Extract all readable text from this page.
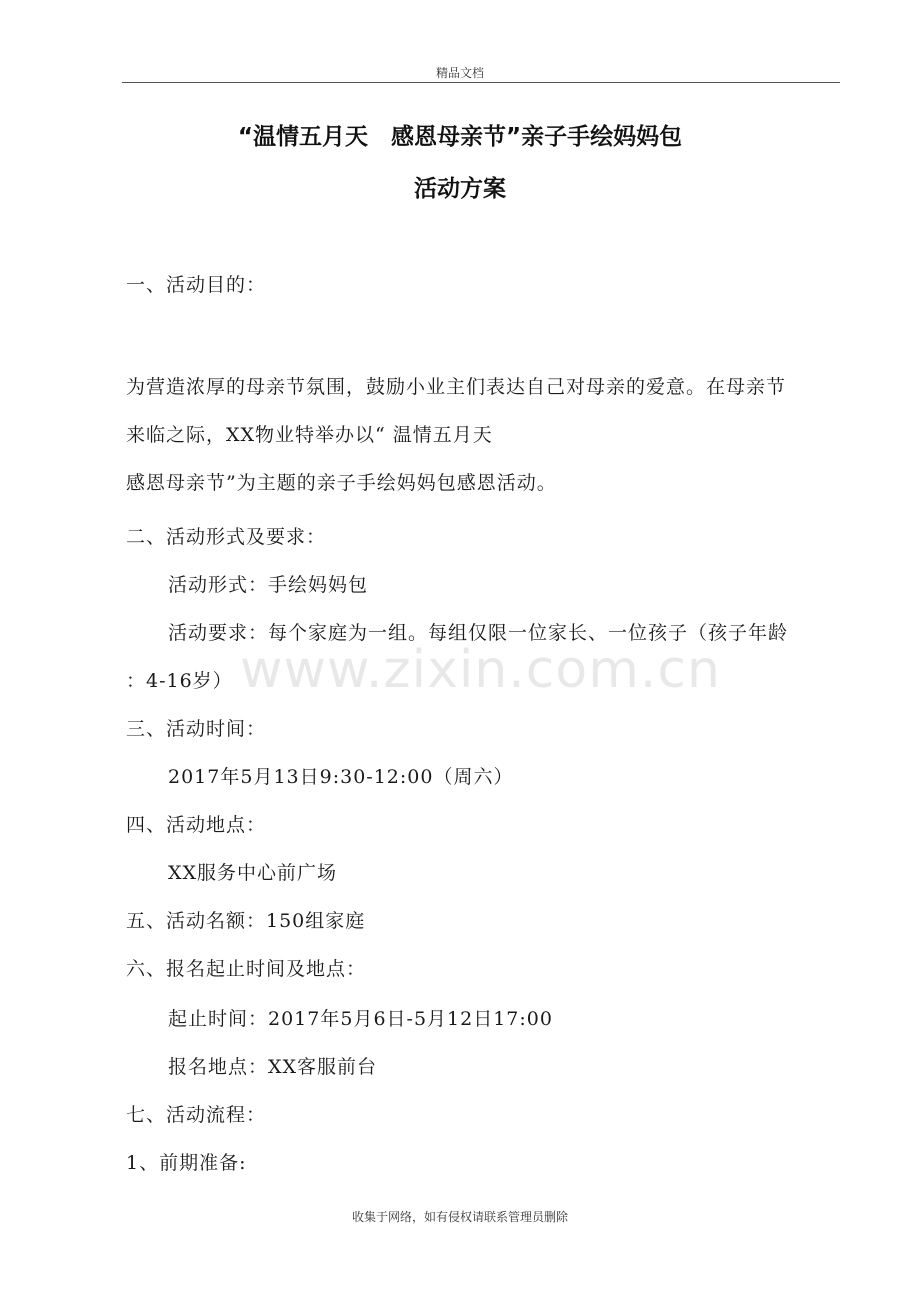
精品文档
“温情五月天　感恩母亲节”亲子手绘妈妈包
活动方案
一、活动目的：
为营造浓厚的母亲节氛围，鼓励小业主们表达自己对母亲的爱意。在母亲节
来临之际，XX物业特举办以“ 温情五月天
感恩母亲节”为主题的亲子手绘妈妈包感恩活动。
二、活动形式及要求：
活动形式：手绘妈妈包
活动要求：每个家庭为一组。每组仅限一位家长、一位孩子（孩子年龄
：4-16岁）
三、活动时间：
2017年5月13日9:30-12:00（周六）
四、活动地点：
XX服务中心前广场
五、活动名额：150组家庭
六、报名起止时间及地点：
起止时间：2017年5月6日-5月12日17:00
报名地点：XX客服前台
七、活动流程：
1、前期准备:
www.zixin.com.cn
收集于网络，如有侵权请联系管理员删除
